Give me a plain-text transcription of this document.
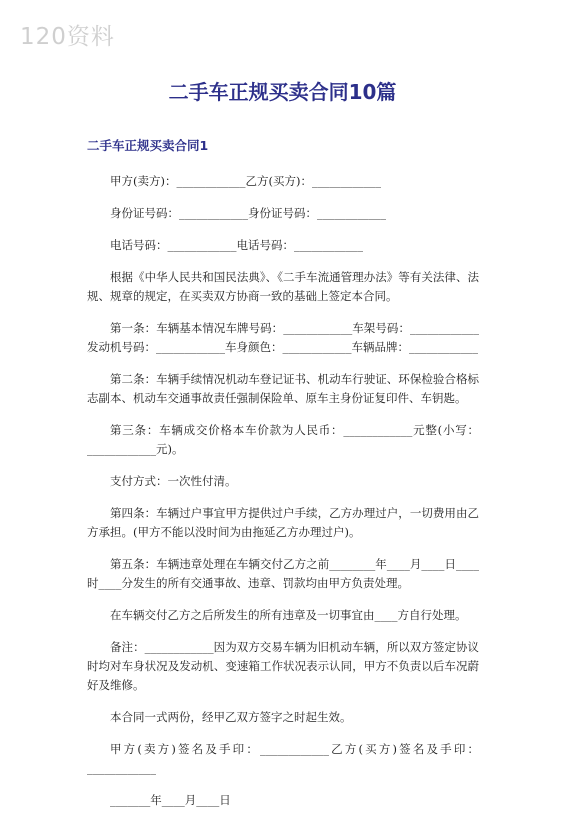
120资料
二手车正规买卖合同10篇
二手车正规买卖合同1

甲方(卖方)：____________乙方(买方)：____________

身份证号码：____________身份证号码：____________

电话号码：____________电话号码：____________

根据《中华人民共和国民法典》、《二手车流通管理办法》等有关法律、法规、规章的规定，在买卖双方协商一致的基础上签定本合同。

第一条：车辆基本情况车牌号码：____________车架号码：____________发动机号码：____________车身颜色：____________车辆品牌：____________

第二条：车辆手续情况机动车登记证书、机动车行驶证、环保检验合格标志副本、机动车交通事故责任强制保险单、原车主身份证复印件、车钥匙。

第三条：车辆成交价格本车价款为人民币：____________元整(小写：____________元)。

支付方式：一次性付清。

第四条：车辆过户事宜甲方提供过户手续，乙方办理过户，一切费用由乙方承担。(甲方不能以没时间为由拖延乙方办理过户)。

第五条：车辆违章处理在车辆交付乙方之前________年____月____日____时____分发生的所有交通事故、违章、罚款均由甲方负责处理。

在车辆交付乙方之后所发生的所有违章及一切事宜由____方自行处理。

备注：____________因为双方交易车辆为旧机动车辆，所以双方签定协议时均对车身状况及发动机、变速箱工作状况表示认同，甲方不负责以后车况蔚好及维修。

本合同一式两份，经甲乙双方签字之时起生效。

甲方(卖方)签名及手印：____________乙方(买方)签名及手印：____________

_______年____月____日
